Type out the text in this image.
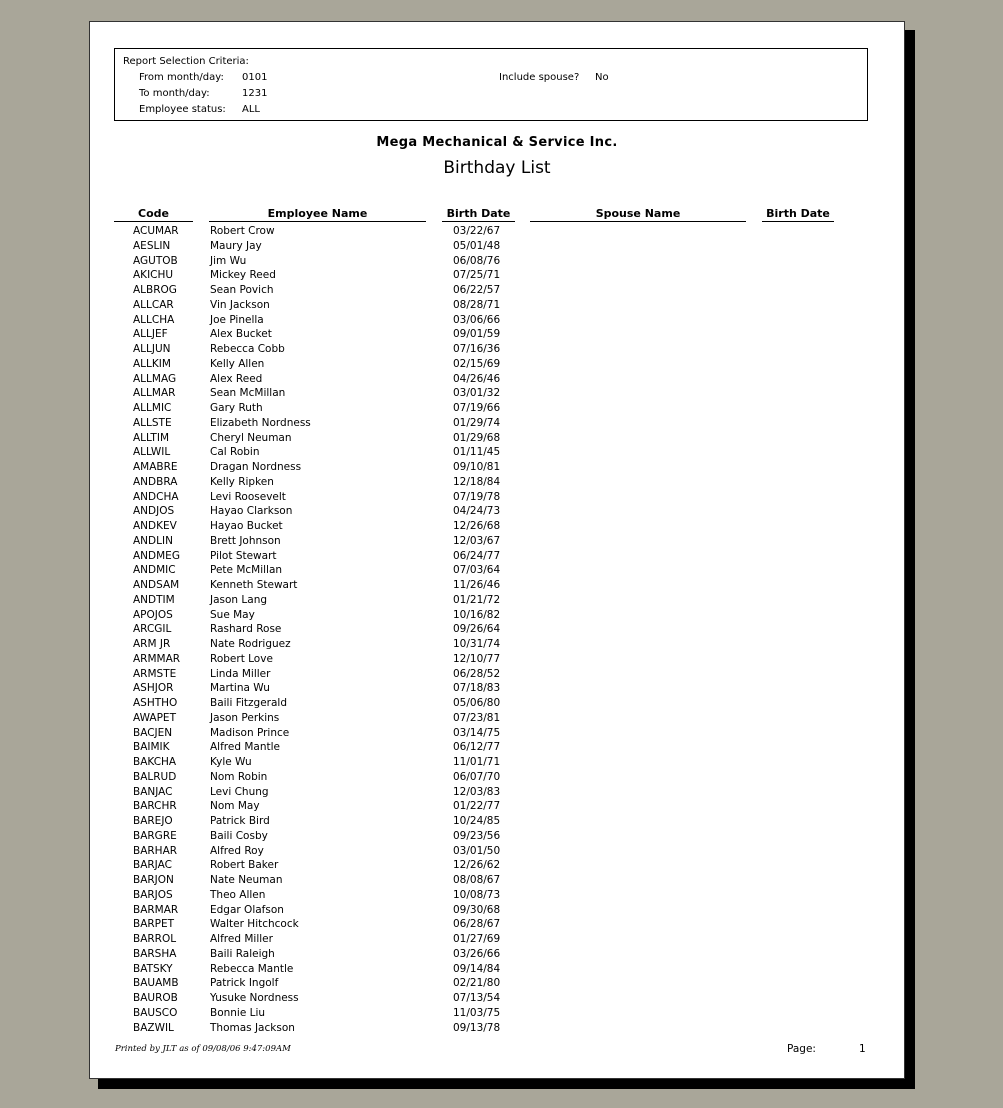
Report Selection Criteria:
From month/day: 0101
To month/day:	1231
Employee status: ALL
Include spouse? No
Mega Mechanical & Service Inc.
Birthday List
Code	Employee Name	Birth Date	Spouse Name	Birth Date
ACUMAR	Robert Crow	03/22/67
AESLIN	Maury Jay	05/01/48
AGUTOB	Jim Wu	06/08/76
AKICHU	Mickey Reed	07/25/71
ALBROG	Sean Povich	06/22/57
ALLCAR	Vin Jackson	08/28/71
ALLCHA	Joe Pinella	03/06/66
ALLJEF	Alex Bucket	09/01/59
ALLJUN	Rebecca Cobb	07/16/36
ALLKIM	Kelly Allen	02/15/69
ALLMAG	Alex Reed	04/26/46
ALLMAR	Sean McMillan	03/01/32
ALLMIC	Gary Ruth	07/19/66
ALLSTE	Elizabeth Nordness	01/29/74
ALLTIM	Cheryl Neuman	01/29/68
ALLWIL	Cal Robin	01/11/45
AMABRE	Dragan Nordness	09/10/81
ANDBRA	Kelly Ripken	12/18/84
ANDCHA	Levi Roosevelt	07/19/78
ANDJOS	Hayao Clarkson	04/24/73
ANDKEV	Hayao Bucket	12/26/68
ANDLIN	Brett Johnson	12/03/67
ANDMEG	Pilot Stewart	06/24/77
ANDMIC	Pete McMillan	07/03/64
ANDSAM	Kenneth Stewart	11/26/46
ANDTIM	Jason Lang	01/21/72
APOJOS	Sue May	10/16/82
ARCGIL	Rashard Rose	09/26/64
ARM JR	Nate Rodriguez	10/31/74
ARMMAR	Robert Love	12/10/77
ARMSTE	Linda Miller	06/28/52
ASHJOR	Martina Wu	07/18/83
ASHTHO	Baili Fitzgerald	05/06/80
AWAPET	Jason Perkins	07/23/81
BACJEN	Madison Prince	03/14/75
BAIMIK	Alfred Mantle	06/12/77
BAKCHA	Kyle Wu	11/01/71
BALRUD	Nom Robin	06/07/70
BANJAC	Levi Chung	12/03/83
BARCHR	Nom May	01/22/77
BAREJO	Patrick Bird	10/24/85
BARGRE	Baili Cosby	09/23/56
BARHAR	Alfred Roy	03/01/50
BARJAC	Robert Baker	12/26/62
BARJON	Nate Neuman	08/08/67
BARJOS	Theo Allen	10/08/73
BARMAR	Edgar Olafson	09/30/68
BARPET	Walter Hitchcock	06/28/67
BARROL	Alfred Miller	01/27/69
BARSHA	Baili Raleigh	03/26/66
BATSKY	Rebecca Mantle	09/14/84
BAUAMB	Patrick Ingolf	02/21/80
BAUROB	Yusuke Nordness	07/13/54
BAUSCO	Bonnie Liu	11/03/75
BAZWIL	Thomas Jackson	09/13/78
Printed by JLT as of 09/08/06 9:47:09AM	Page:	1
